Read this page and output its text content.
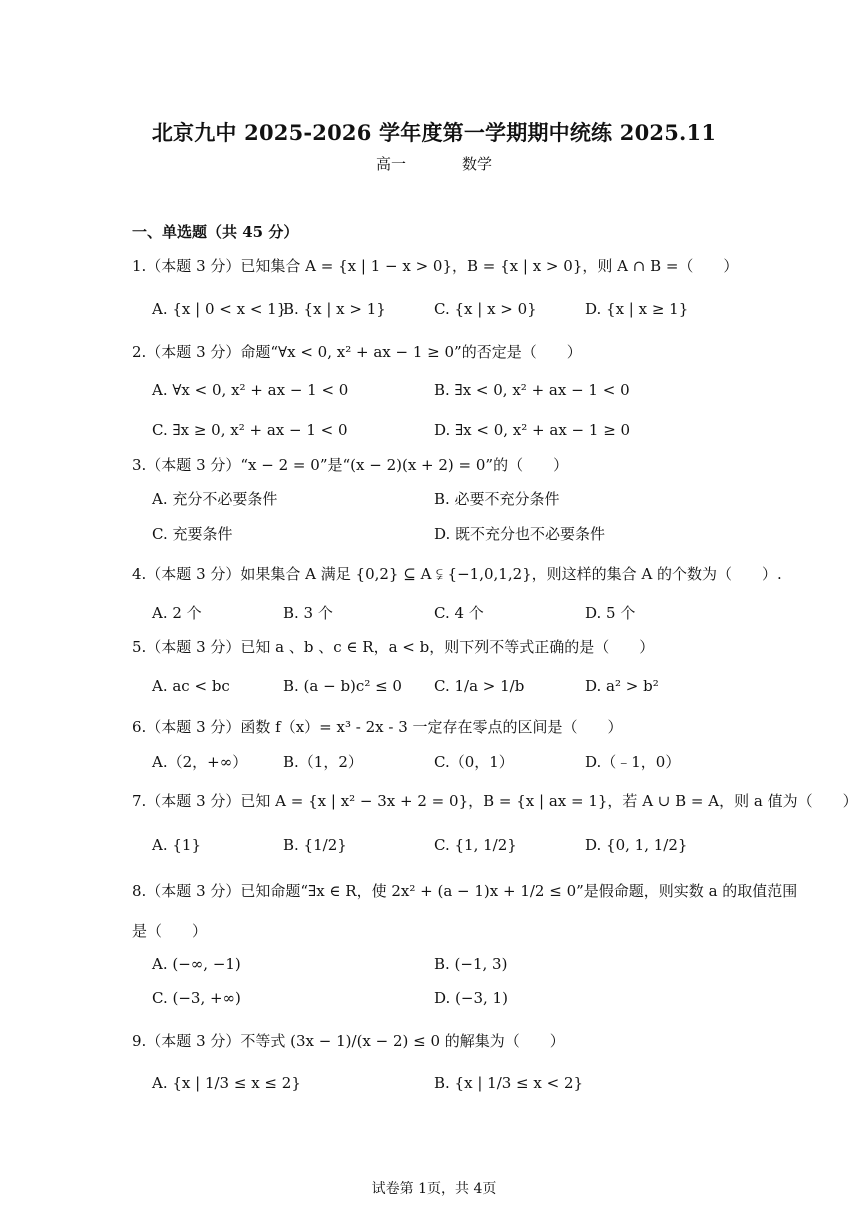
北京九中 2025-2026 学年度第一学期期中统练 2025.11
高一	数学
一、单选题（共 45 分）
1.（本题 3 分）已知集合 A = {x | 1 − x > 0}，B = {x | x > 0}，则 A ∩ B =（　　）
A. {x | 0 < x < 1}
B. {x | x > 1}	C. {x | x > 0}	D. {x | x ≥ 1}
2.（本题 3 分）命题“∀x < 0, x² + ax − 1 ≥ 0”的否定是（　　）
A. ∀x < 0, x² + ax − 1 < 0	B. ∃x < 0, x² + ax − 1 < 0
C. ∃x ≥ 0, x² + ax − 1 < 0	D. ∃x < 0, x² + ax − 1 ≥ 0
3.（本题 3 分）“x − 2 = 0”是“(x − 2)(x + 2) = 0”的（　　）
A. 充分不必要条件	B. 必要不充分条件
C. 充要条件	D. 既不充分也不必要条件
4.（本题 3 分）如果集合 A 满足 {0,2} ⊆ A ⫋ {−1,0,1,2}，则这样的集合 A 的个数为（　　）.
A. 2 个	B. 3 个	C. 4 个	D. 5 个
5.（本题 3 分）已知 a 、b 、c ∈ R，a < b，则下列不等式正确的是（　　）
A. ac < bc	B. (a − b)c² ≤ 0 C. 1/a > 1/b	D. a² > b²
6.（本题 3 分）函数 f（x）= x³ - 2x - 3 一定存在零点的区间是（　　）
A.（2，+∞） B.（1，2）	C.（0，1）	D.（﹣1，0）
7.（本题 3 分）已知 A = {x | x² − 3x + 2 = 0}，B = {x | ax = 1}，若 A ∪ B = A，则 a 值为（　　）
A. {1}	B. {1/2}	C. {1, 1/2}	D. {0, 1, 1/2}
8.（本题 3 分）已知命题“∃x ∈ R，使 2x² + (a − 1)x + 1/2 ≤ 0”是假命题，则实数 a 的取值范围
是（　　）
A. (−∞, −1)	B. (−1, 3)
C. (−3, +∞)	D. (−3, 1)
9.（本题 3 分）不等式 (3x − 1)/(x − 2) ≤ 0 的解集为（　　）
A. {x | 1/3 ≤ x ≤ 2}	B. {x | 1/3 ≤ x < 2}
试卷第 1页，共 4页
